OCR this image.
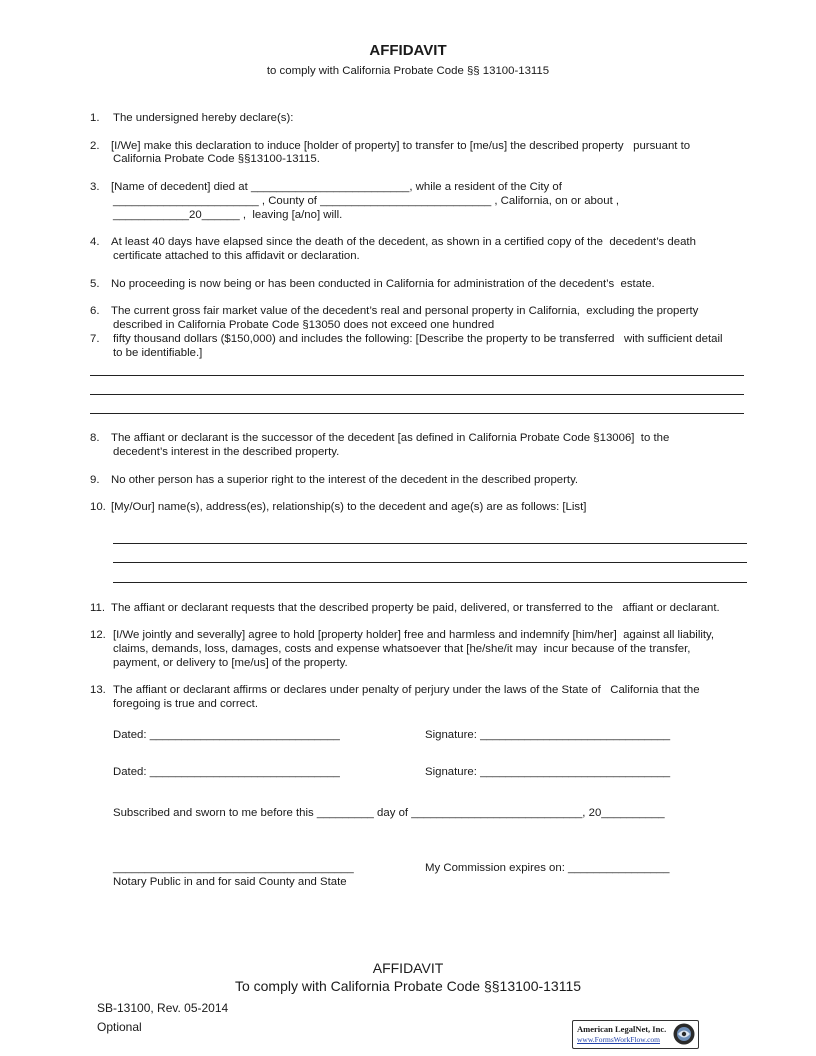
AFFIDAVIT
to comply with California Probate Code §§ 13100-13115
1. The undersigned hereby declare(s):
2. [I/We] make this declaration to induce [holder of property] to transfer to [me/us] the described property   pursuant to
California Probate Code §§13100-13115.
3. [Name of decedent] died at _________________________, while a resident of the City of
_______________________ , County of ___________________________ , California, on or about ,
____________20______ ,  leaving [a/no] will.
4. At least 40 days have elapsed since the death of the decedent, as shown in a certified copy of the  decedent’s death
certificate attached to this affidavit or declaration.
5. No proceeding is now being or has been conducted in California for administration of the decedent’s  estate.
6. The current gross fair market value of the decedent’s real and personal property in California,  excluding the property
described in California Probate Code §13050 does not exceed one hundred
7. fifty thousand dollars ($150,000) and includes the following: [Describe the property to be transferred   with sufficient detail
to be identifiable.]
8. The affiant or declarant is the successor of the decedent [as defined in California Probate Code §13006]  to the
decedent’s interest in the described property.
9. No other person has a superior right to the interest of the decedent in the described property.
10. [My/Our] name(s), address(es), relationship(s) to the decedent and age(s) are as follows: [List]
11. The affiant or declarant requests that the described property be paid, delivered, or transferred to the   affiant or declarant.
12. [I/We jointly and severally] agree to hold [property holder] free and harmless and indemnify [him/her]  against all liability,
claims, demands, loss, damages, costs and expense whatsoever that [he/she/it may  incur because of the transfer,
payment, or delivery to [me/us] of the property.
13. The affiant or declarant affirms or declares under penalty of perjury under the laws of the State of   California that the
foregoing is true and correct.
Dated: ______________________________	Signature: ______________________________
Dated: ______________________________	Signature: ______________________________
Subscribed and sworn to me before this _________ day of ___________________________, 20__________
______________________________________	My Commission expires on: ________________
Notary Public in and for said County and State
AFFIDAVIT
To comply with California Probate Code §§13100-13115
SB-13100, Rev. 05-2014
Optional	American LegalNet, Inc.
www.FormsWorkFlow.com
